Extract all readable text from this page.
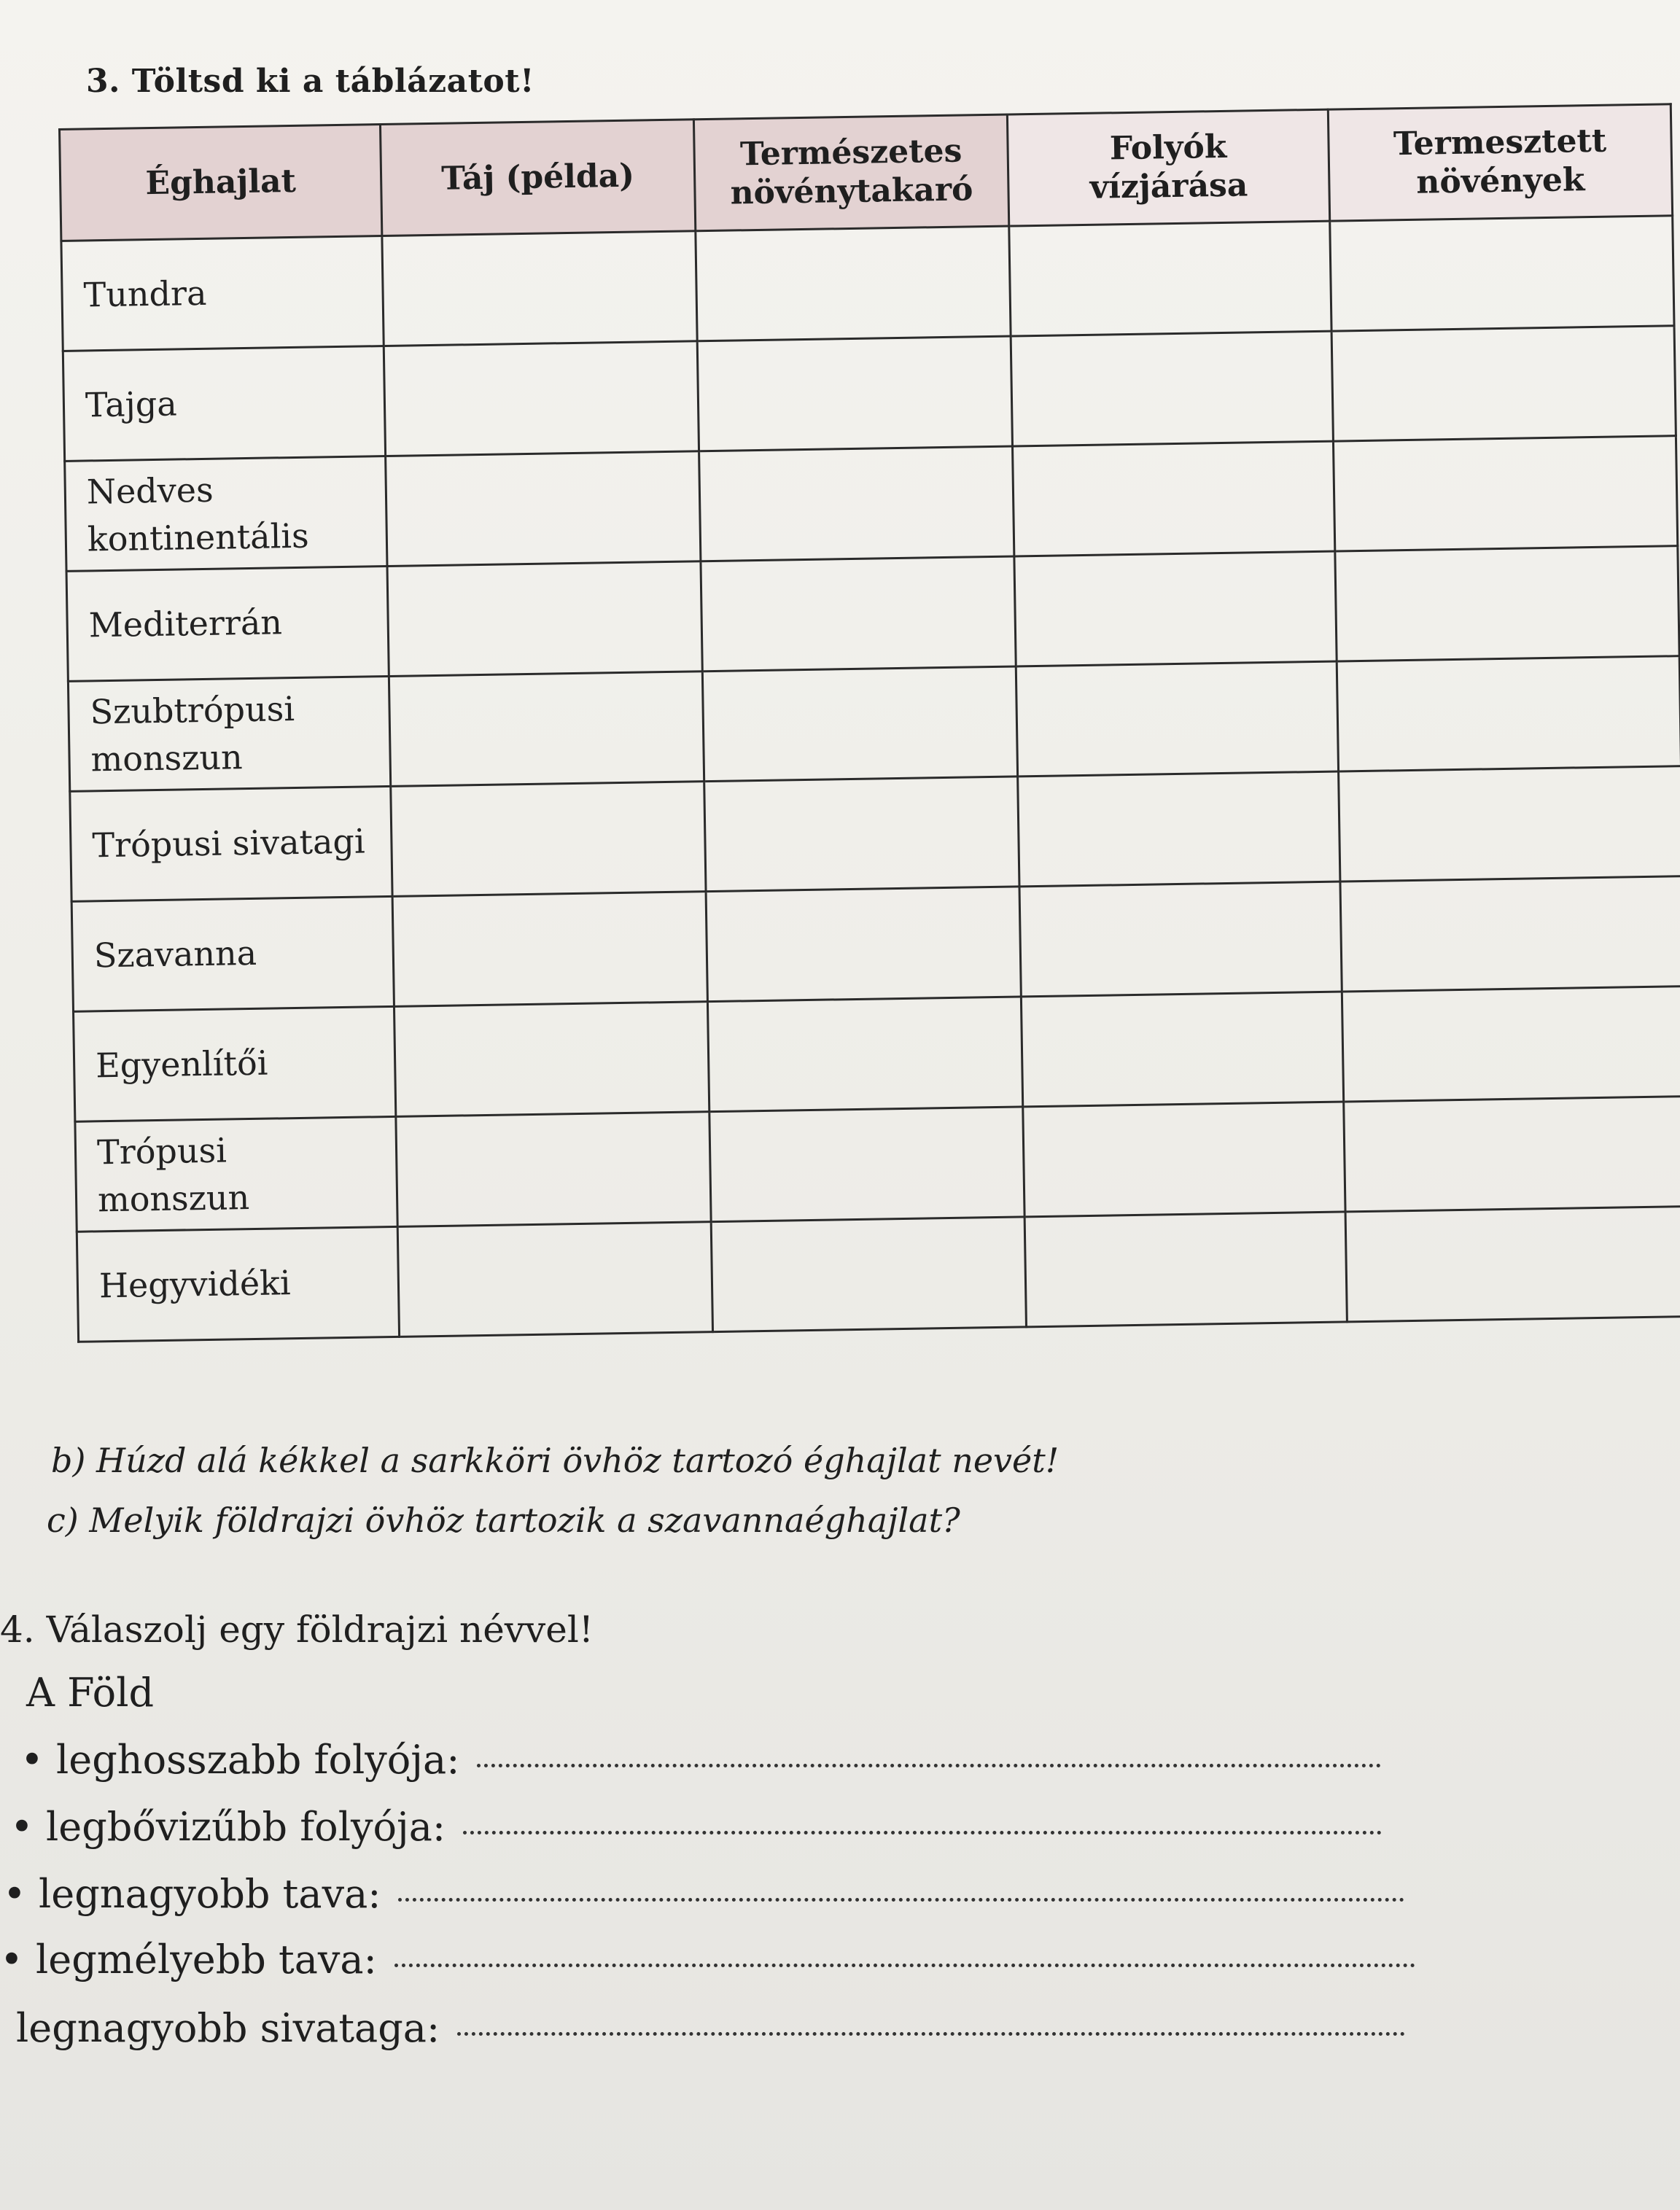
3. Töltsd ki a táblázatot!
Éghajlat	Táj (példa)	Természetes növénytakaró	Folyók vízjárása	Termesztett növények
Tundra				
Tajga				
Nedves kontinentális				
Mediterrán				
Szubtrópusi monszun				
Trópusi sivatagi				
Szavanna				
Egyenlítői				
Trópusi monszun				
Hegyvidéki				
b) Húzd alá kékkel a sarkköri övhöz tartozó éghajlat nevét!
c) Melyik földrajzi övhöz tartozik a szavannaéghajlat?
4. Válaszolj egy földrajzi névvel!
A Föld
• leghosszabb folyója:
• legbővizűbb folyója:
• legnagyobb tava:
• legmélyebb tava:
legnagyobb sivataga:
